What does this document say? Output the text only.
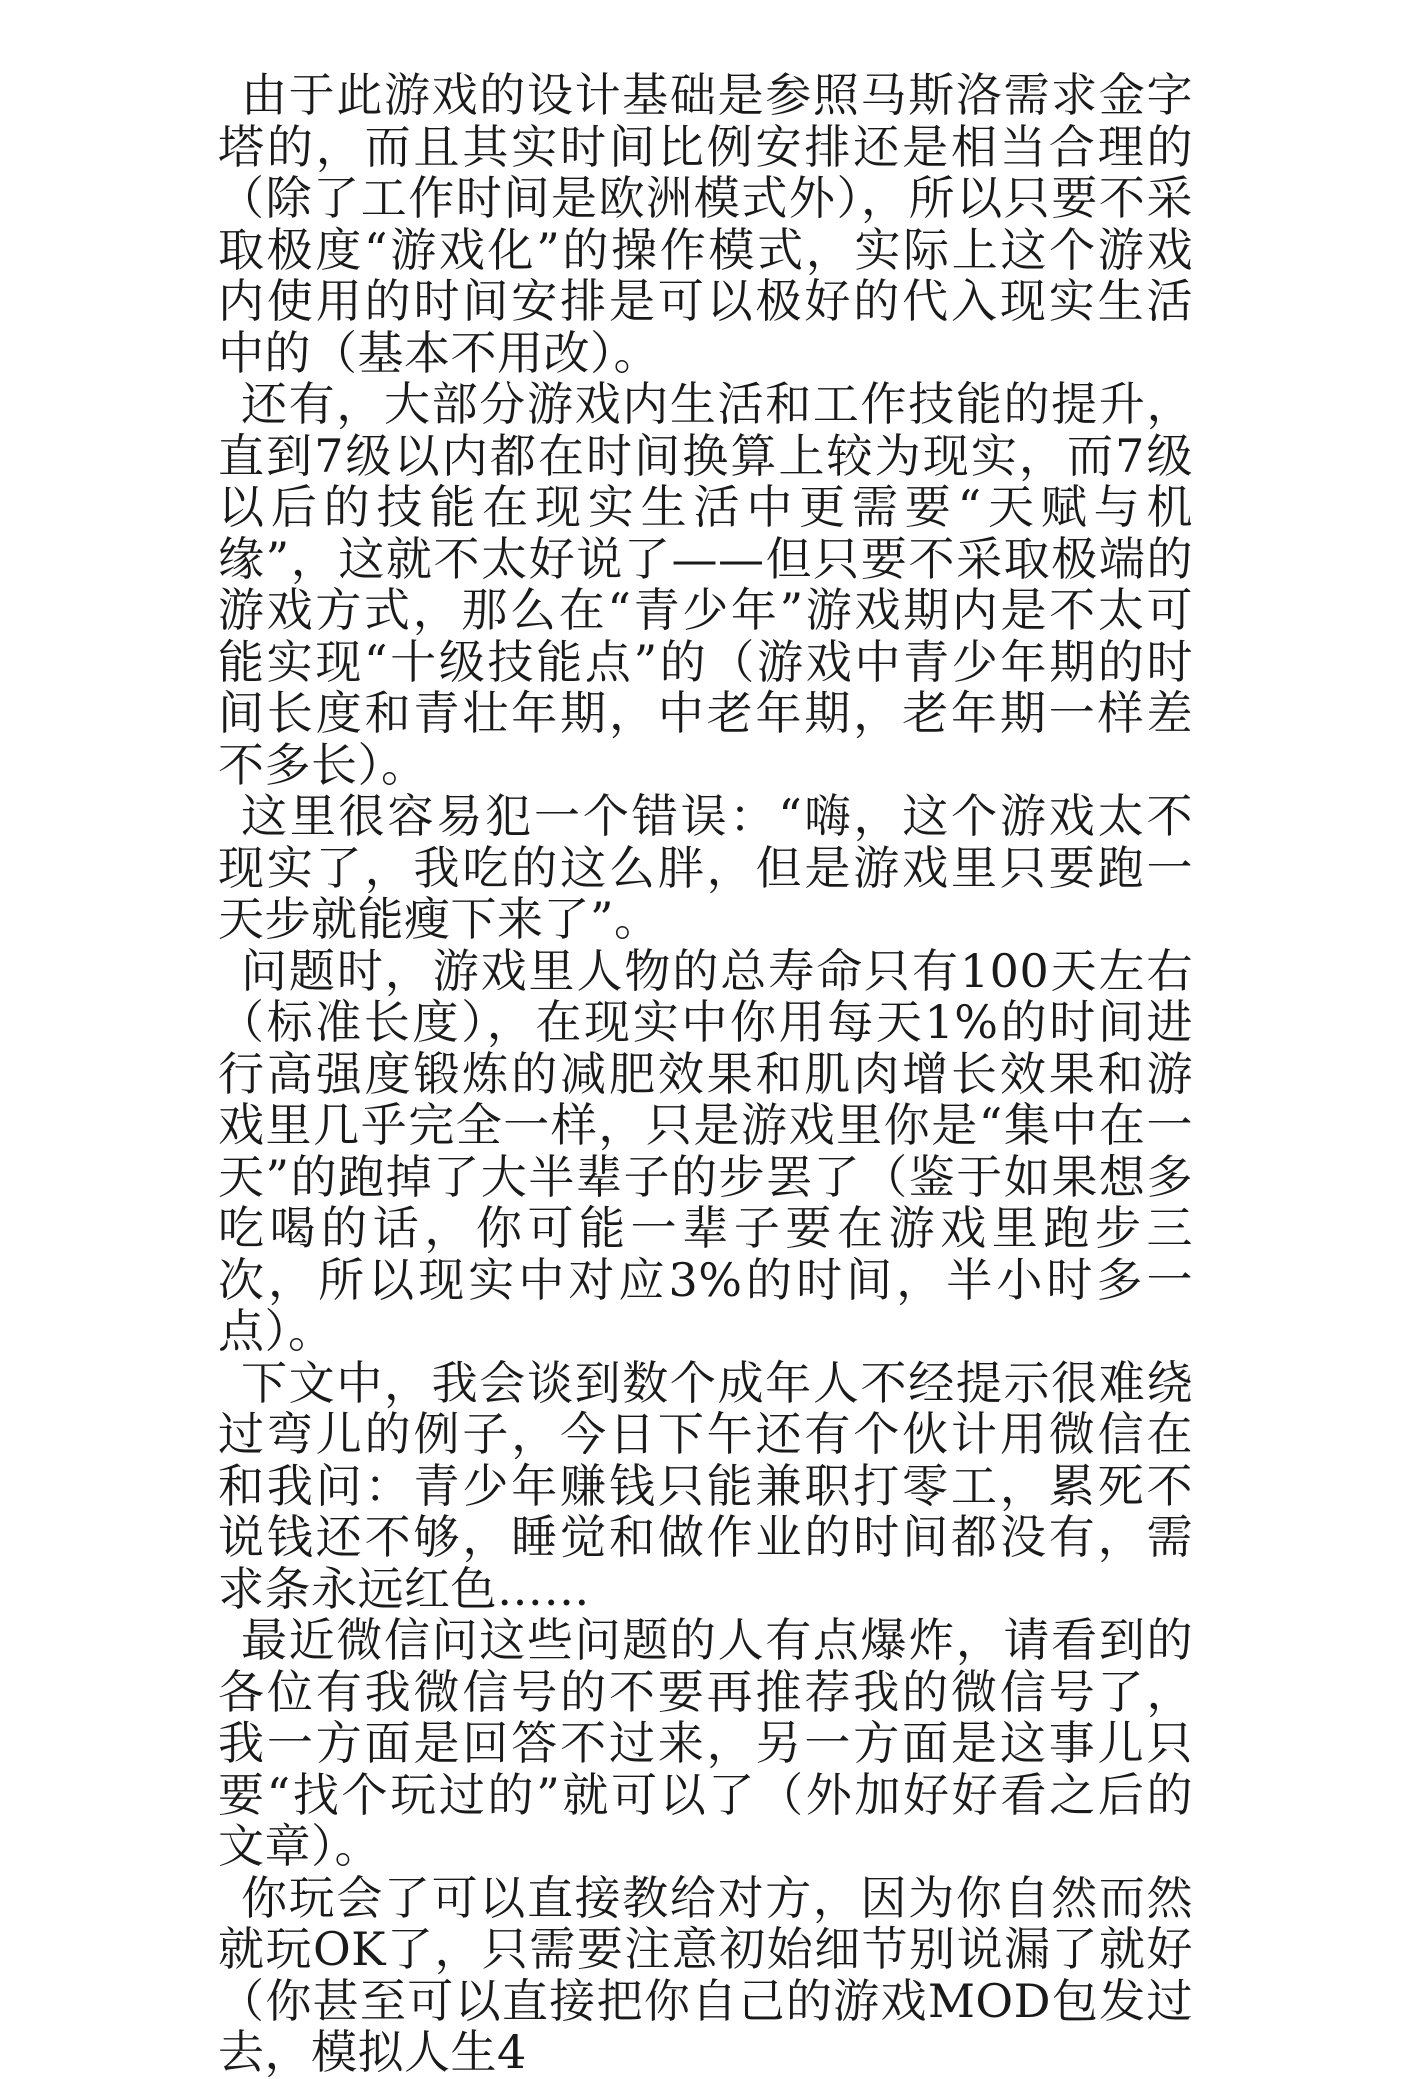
由于此游戏的设计基础是参照马斯洛需求金字塔的，而且其实时间比例安排还是相当合理的（除了工作时间是欧洲模式外），所以只要不采取极度“游戏化”的操作模式，实际上这个游戏内使用的时间安排是可以极好的代入现实生活中的（基本不用改）。

还有，大部分游戏内生活和工作技能的提升，直到7级以内都在时间换算上较为现实，而7级以后的技能在现实生活中更需要“天赋与机缘”，这就不太好说了——但只要不采取极端的游戏方式，那么在“青少年”游戏期内是不太可能实现“十级技能点”的（游戏中青少年期的时间长度和青壮年期，中老年期，老年期一样差不多长）。

这里很容易犯一个错误：“嗨，这个游戏太不现实了，我吃的这么胖，但是游戏里只要跑一天步就能瘦下来了”。

问题时，游戏里人物的总寿命只有100天左右（标准长度），在现实中你用每天1%的时间进行高强度锻炼的减肥效果和肌肉增长效果和游戏里几乎完全一样，只是游戏里你是“集中在一天”的跑掉了大半辈子的步罢了（鉴于如果想多吃喝的话，你可能一辈子要在游戏里跑步三次，所以现实中对应3%的时间，半小时多一点）。

下文中，我会谈到数个成年人不经提示很难绕过弯儿的例子，今日下午还有个伙计用微信在和我问：青少年赚钱只能兼职打零工，累死不说钱还不够，睡觉和做作业的时间都没有，需求条永远红色……

最近微信问这些问题的人有点爆炸，请看到的各位有我微信号的不要再推荐我的微信号了，我一方面是回答不过来，另一方面是这事儿只要“找个玩过的”就可以了（外加好好看之后的文章）。

你玩会了可以直接教给对方，因为你自然而然就玩OK了，只需要注意初始细节别说漏了就好（你甚至可以直接把你自己的游戏MOD包发过去，模拟人生4
